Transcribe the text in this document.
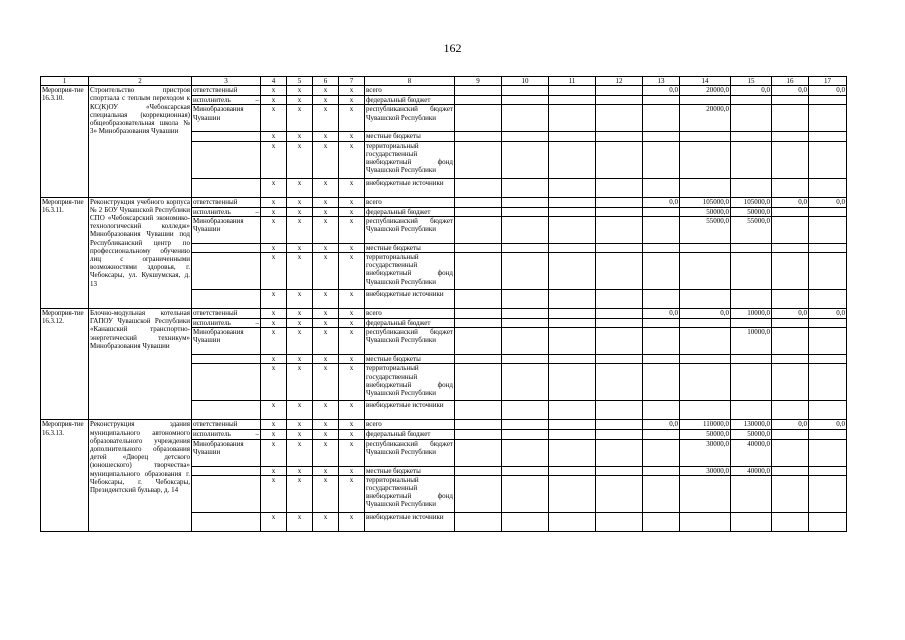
162
1	2	3	4	5	6	7	8	9	10	11	12	13	14	15	16	17
Мероприя-тие 16.3.10.	Строительство пристроя спортзала с теплым переходом к КС(К)ОУ «Чебоксарская специальная (коррекционная) общеобразовательная школа № 3» Минобразования Чувашии	ответственный	х	х	х	х	всего					0,0	20000,0	0,0	0,0	0,0
		исполнитель –	х	х	х	х	федеральный бюджет									
		Минобразования Чувашии	х	х	х	х	республиканский бюджет Чувашской Республики						20000,0			
			х	х	х	х	местные бюджеты									
			х	х	х	х	территориальный государственный внебюджетный фонд Чувашской Республики									
			х	х	х	х	внебюджетные источники									
Мероприя-тие 16.3.11.	Реконструкция учебного корпуса № 2 БОУ Чувашской Республики СПО «Чебоксарский экономико-технологический колледж» Минобразования Чувашии под Республиканский центр по профессиональному обучению лиц с ограниченными возможностями здоровья, г. Чебоксары, ул. Кукшумская, д. 13	ответственный	х	х	х	х	всего					0,0	105000,0	105000,0	0,0	0,0
		исполнитель –	х	х	х	х	федеральный бюджет						50000,0	50000,0		
		Минобразования Чувашии	х	х	х	х	республиканский бюджет Чувашской Республики						55000,0	55000,0		
			х	х	х	х	местные бюджеты									
			х	х	х	х	территориальный государственный внебюджетный фонд Чувашской Республики									
			х	х	х	х	внебюджетные источники									
Мероприя-тие 16.3.12.	Блочно-модульная котельная ГАПОУ Чувашской Республики «Канашский транспортно-энергетический техникум» Минобразования Чувашии	ответственный	х	х	х	х	всего					0,0	0,0	10000,0	0,0	0,0
		исполнитель –	х	х	х	х	федеральный бюджет									
		Минобразования Чувашии	х	х	х	х	республиканский бюджет Чувашской Республики							10000,0		
			х	х	х	х	местные бюджеты									
			х	х	х	х	территориальный государственный внебюджетный фонд Чувашской Республики									
			х	х	х	х	внебюджетные источники									
Мероприя-тие 16.3.13.	Реконструкция здания муниципального автономного образовательного учреждения дополнительного образования детей «Дворец детского (юношеского) творчества» муниципального образования г. Чебоксары, г. Чебоксары, Президентский бульвар, д. 14	ответственный	х	х	х	х	всего					0,0	110000,0	130000,0	0,0	0,0
		исполнитель –	х	х	х	х	федеральный бюджет						50000,0	50000,0		
		Минобразования Чувашии	х	х	х	х	республиканский бюджет Чувашской Республики						30000,0	40000,0		
			х	х	х	х	местные бюджеты						30000,0	40000,0		
			х	х	х	х	территориальный государственный внебюджетный фонд Чувашской Республики									
			х	х	х	х	внебюджетные источники									
